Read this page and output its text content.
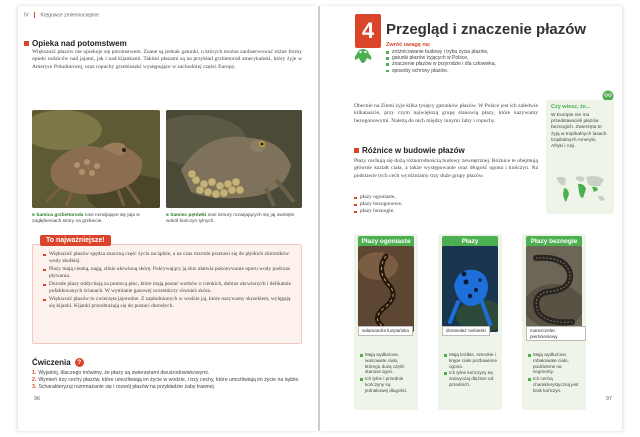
IV Kręgowce zmiennocieplne
Opieka nad potomstwem

Większość płazów nie opiekuje się potomstwem. Znane są jednak gatunki, u których można zaobserwować różne formy opieki rodziców nad jajami, jak i nad kijankami. Takimi płazami są na przykład grzbietorod amerykański, który żyje w Ameryce Południowej, oraz ropuchy grzebiuszki występujące w zachodniej części Europy.

■ Samica grzbietoroda nosi rozwijające się jaja w zagłębieniach skóry na grzbiecie.

■ Samiec pętówki nosi sznury rozwijających się jaj owinięte wokół kończyn tylnych.

Większość płazów spędza znaczną część życia na lądzie, a na czas rozrodu przenosi się do płytkich zbiorników wody słodkiej.
Płazy mają cienką, nagą, silnie ukrwioną skórę. Pokrywający ją śluz ułatwia pokonywanie oporu wody podczas pływania.
Dorosłe płazy oddychają za pomocą płuc, które mają postać worków o cienkich, dobrze ukrwionych i delikatnie pofałdowanych ścianach. W wymianie gazowej uczestniczy również skóra.
Większość płazów to zwierzęta jajorodne. Z zapłodnionych w wodzie jaj, które nazywamy skrzekiem, wylęgają się kijanki. Kijanki przeobrażają się do postaci dorosłych.
To najważniejsze!
Ćwiczenia	?
1. Wyjaśnij, dlaczego mówimy, że płazy są zwierzętami dwuśrodowiskowymi.
2. Wymień trzy cechy płazów, które umożliwiają im życie w wodzie, i trzy cechy, które umożliwiają im życie na lądzie.
3. Scharakteryzuj rozmnażanie się i rozwój płazów na przykładzie żaby trawnej.
96
4 Przegląd i znaczenie płazów
Zwróć uwagę na:
zróżnicowanie budowy i trybu życia płazów,
gatunki płazów żyjących w Polsce,
znaczenie płazów w przyrodzie i dla człowieka,
sposoby ochrony płazów.

Obecnie na Ziemi żyje kilka tysięcy gatunków płazów. W Polsce jest ich zaledwie kilkanaście, przy czym największą grupę stanowią płazy, które nazywamy bezogonowymi. Należą do nich między innymi żaby i ropuchy.

Różnice w budowie płazów

Płazy cechują się dużą różnorodnością budowy zewnętrznej. Różnice te obejmują głównie kształt ciała, a także występowanie oraz długość ogona i kończyn. Na podstawie tych cech wyróżniamy trzy duże grupy płazów.

płazy ogoniaste,
płazy bezogonowe,
płazy beznogie.
Czy wiesz, że...

W Europie nie ma przedstawicieli płazów beznogich. Zwierzęta te żyją w tropikalnych lasach tropikalnych Ameryki, Afryki i Azji.

Płazy ogoniaste
salamandra łuzytańska
Mają wydłużone, walcowate ciało, którego dużą część stanowi ogon.
Ich tylne i przednie kończyny są jednakowej długości.
Płazy
drzewołaz niebieski
Mają krótkie, szerokie i krępe ciało pozbawione ogona.
Ich tylne kończyny są zazwyczaj dłuższe od przednich.
Płazy beznogie
marszczelec pierścieniowy
Mają wydłużone, robakowate ciało, podzielone na segmenty.
Ich cechą charakterystyczną jest brak kończyn.
97
